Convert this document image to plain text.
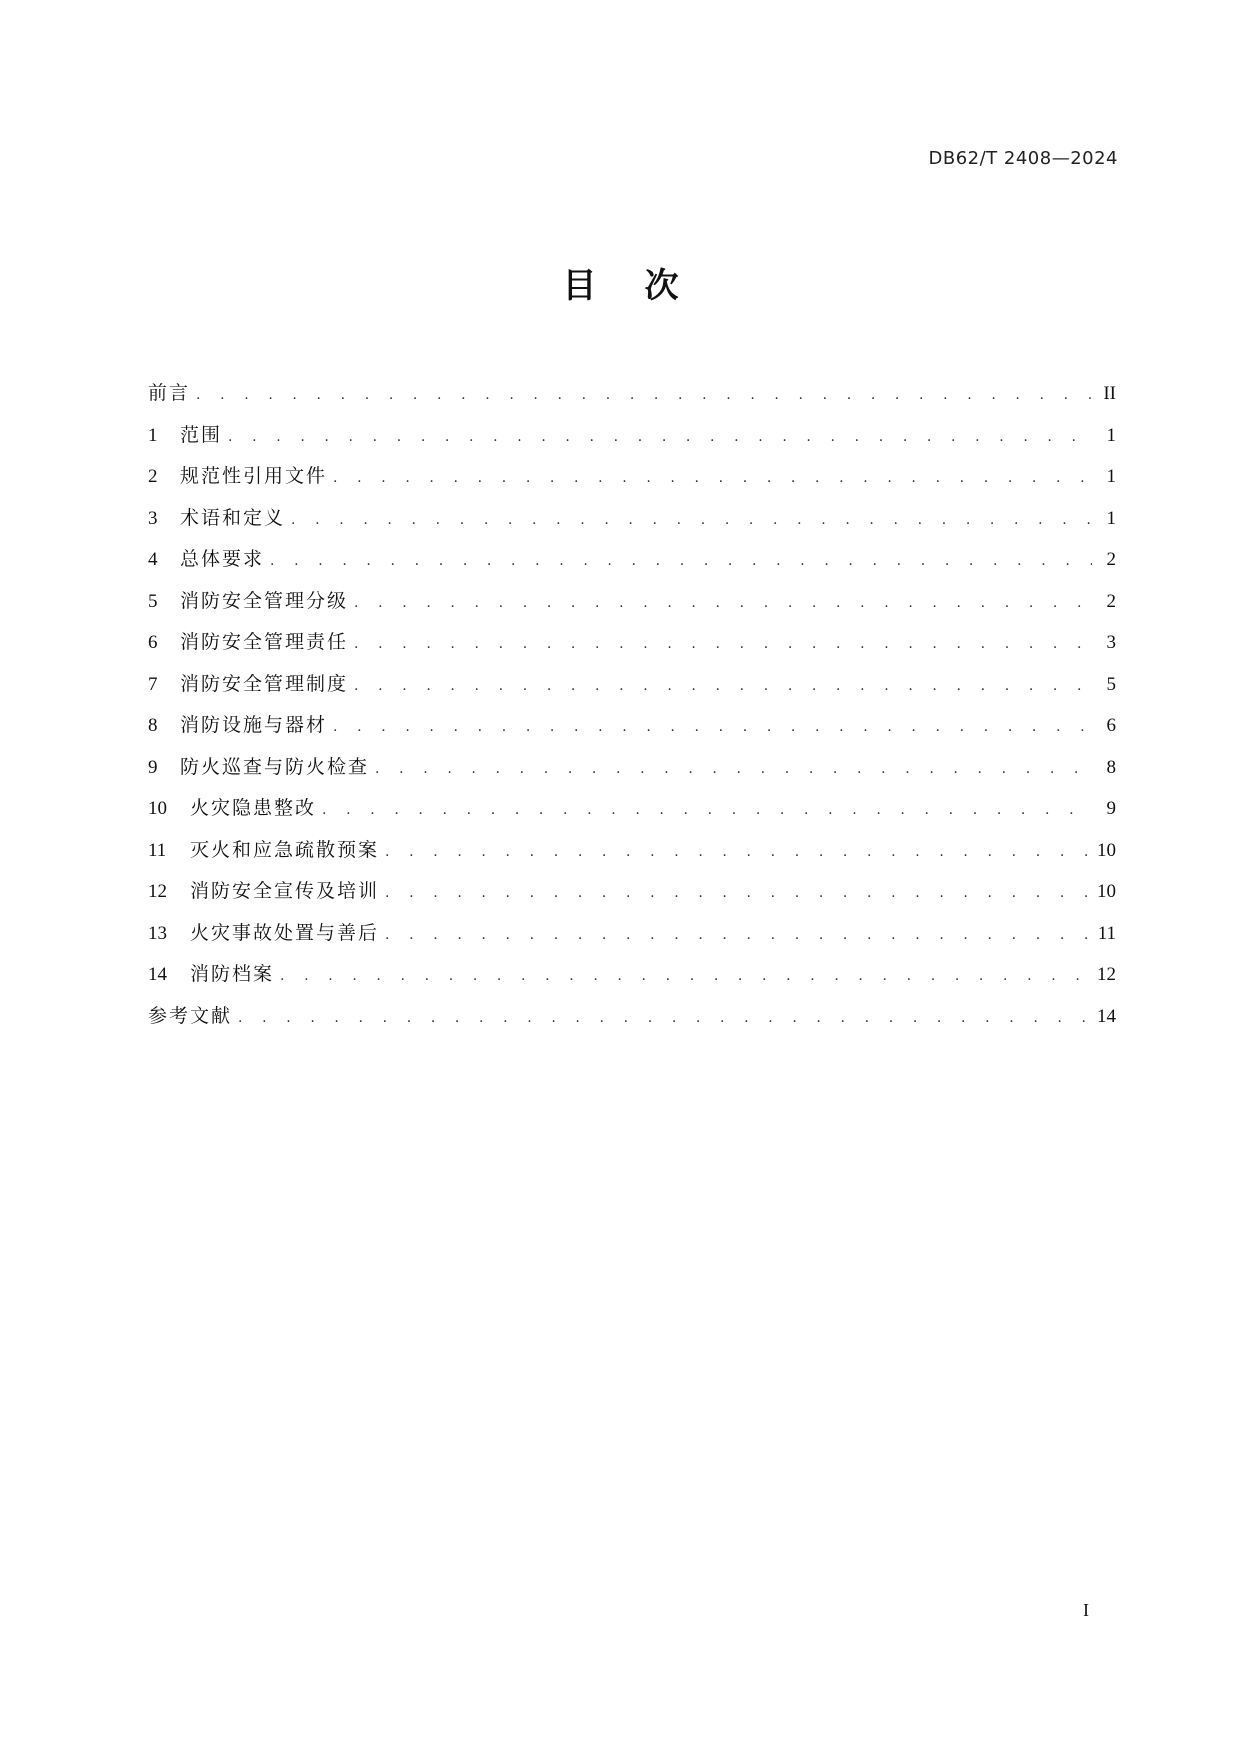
DB62/T 2408—2024
目次
前言 . . .	II
1	范围 . . .	1
2	规范性引用文件 . . .	1
3	术语和定义 . . .	1
4	总体要求 . . .	2
5	消防安全管理分级 . . .	2
6	消防安全管理责任 . . .	3
7	消防安全管理制度 . . .	5
8	消防设施与器材 . . .	6
9	防火巡查与防火检查 . . .	8
10	火灾隐患整改 . . .	9
11	灭火和应急疏散预案 . . .	10
12	消防安全宣传及培训 . . .	10
13	火灾事故处置与善后 . . .	11
14	消防档案 . . .	12
参考文献 . . .	14
I
